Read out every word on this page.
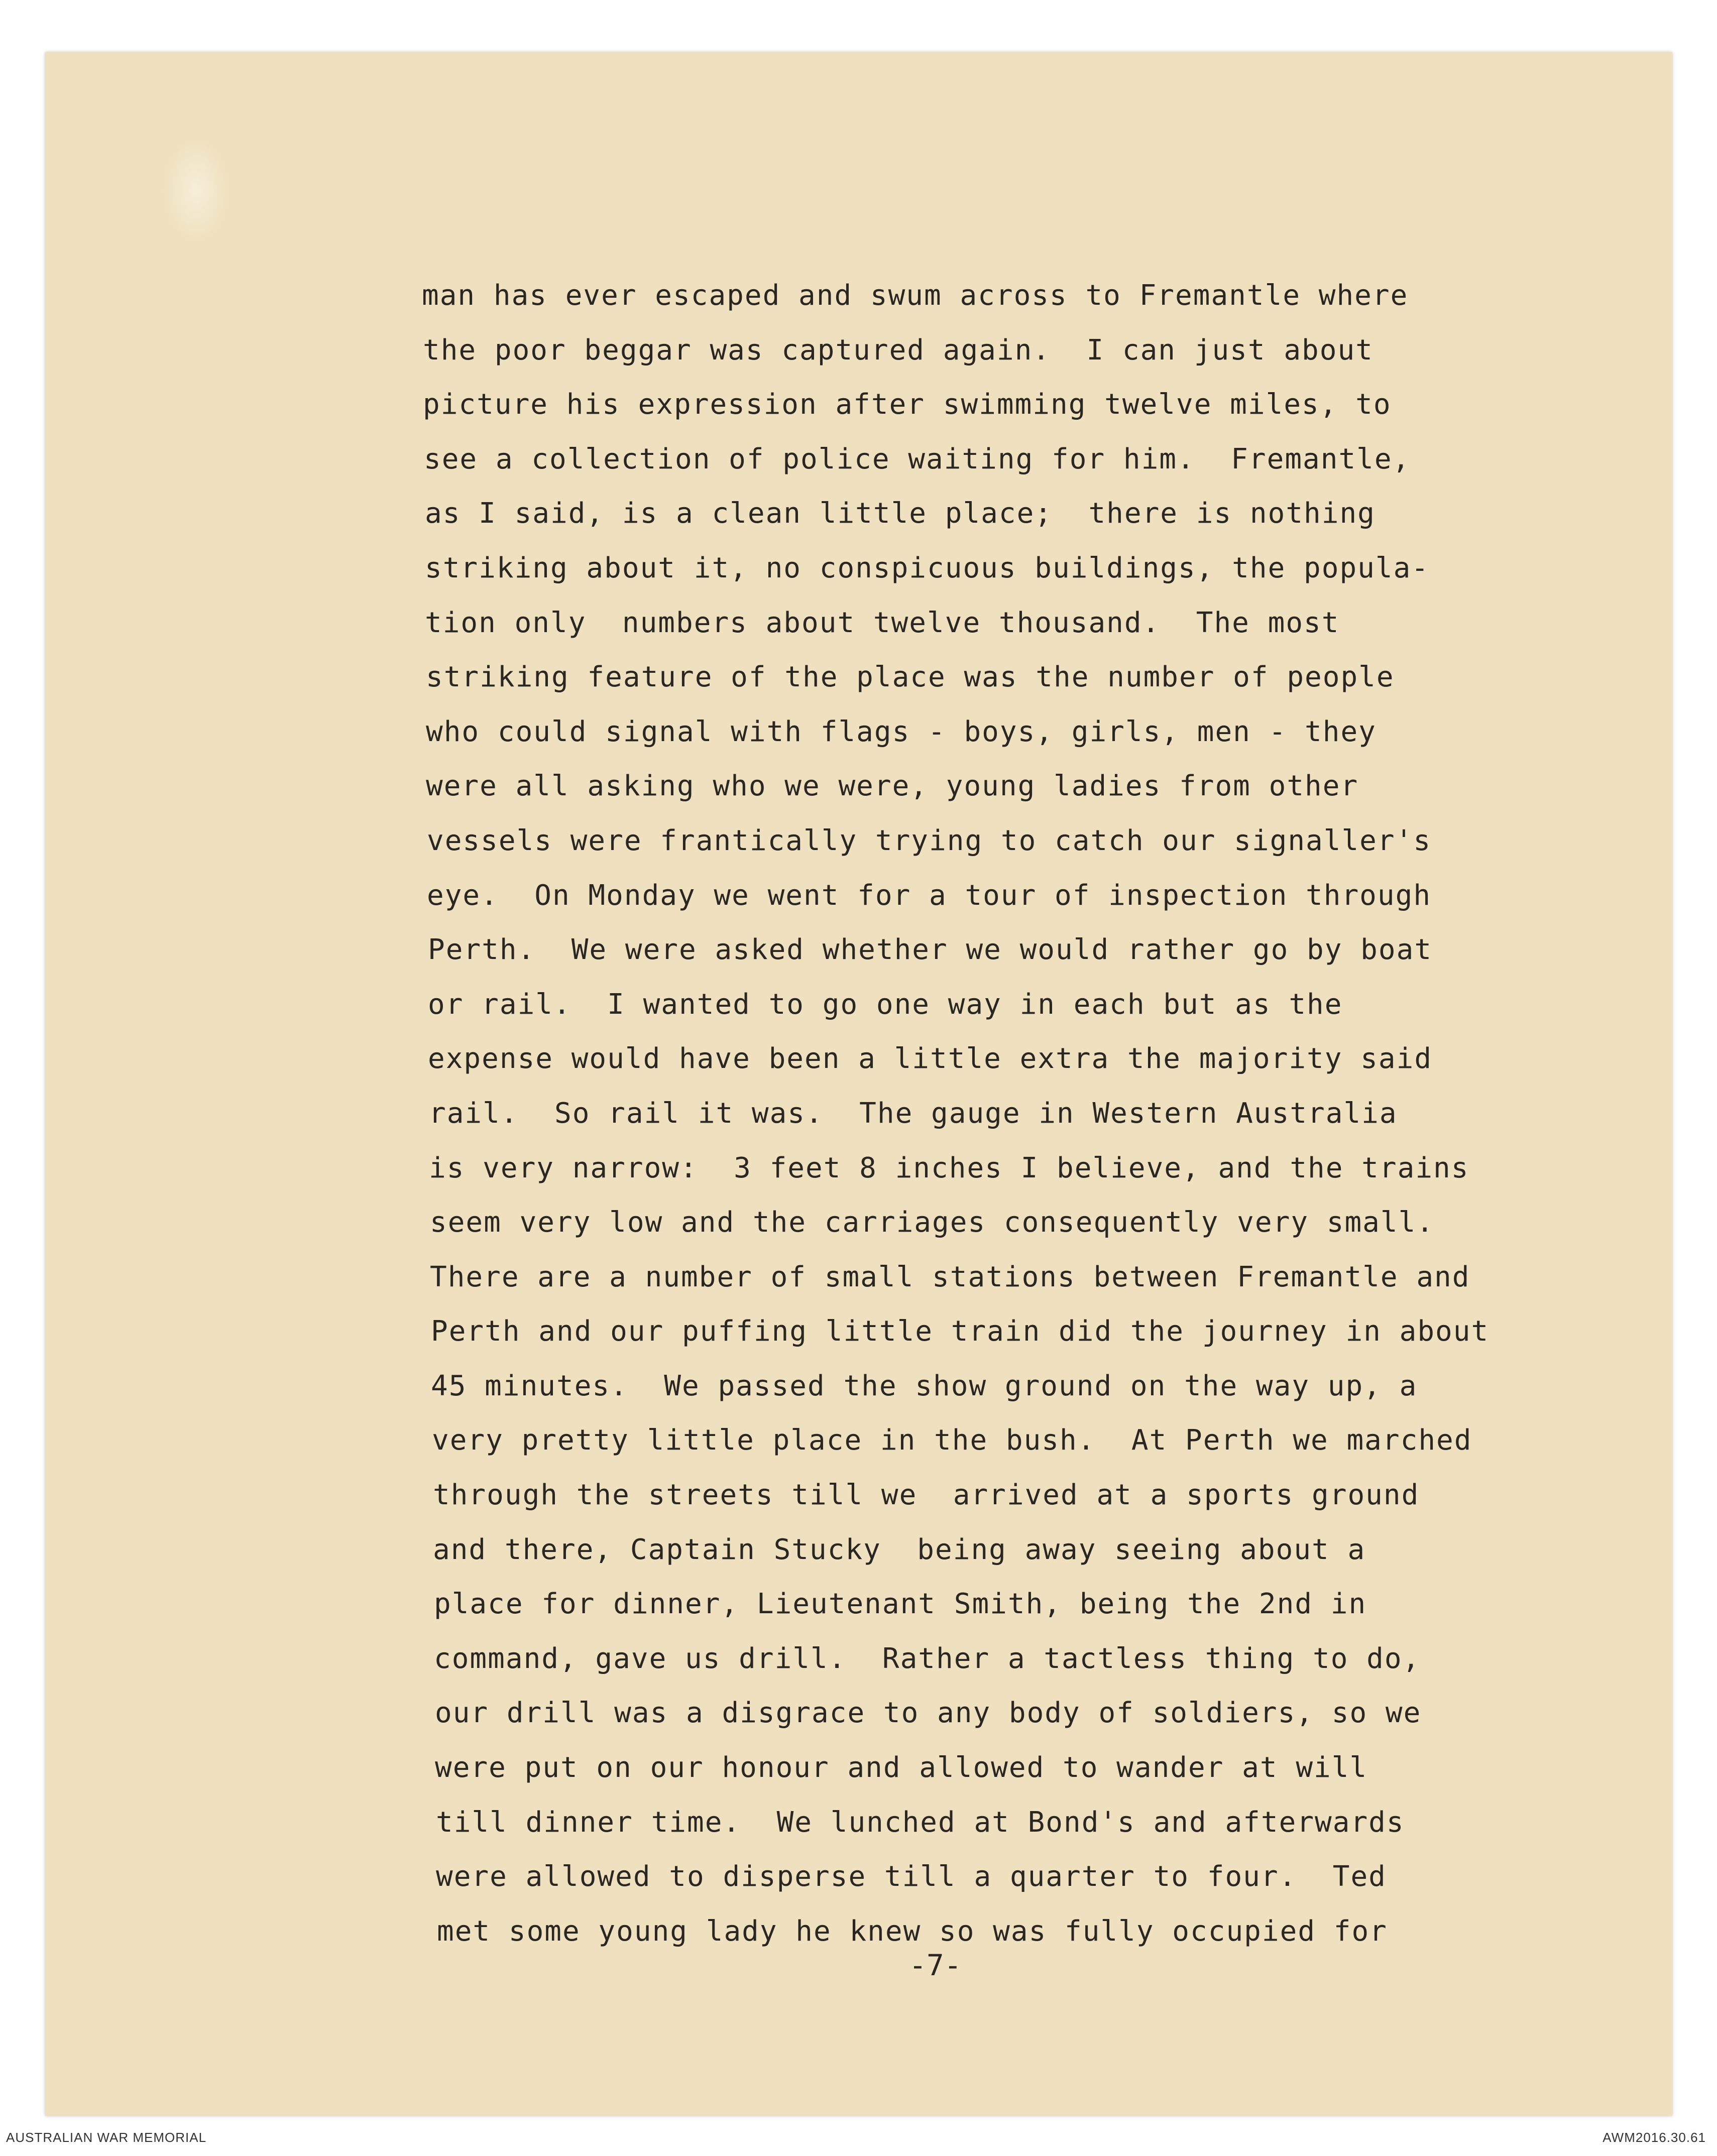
man has ever escaped and swum across to Fremantle where

the poor beggar was captured again.  I can just about

picture his expression after swimming twelve miles, to

see a collection of police waiting for him.  Fremantle,

as I said, is a clean little place;  there is nothing

striking about it, no conspicuous buildings, the popula-

tion only  numbers about twelve thousand.  The most

striking feature of the place was the number of people

who could signal with flags - boys, girls, men - they

were all asking who we were, young ladies from other

vessels were frantically trying to catch our signaller's

eye.  On Monday we went for a tour of inspection through

Perth.  We were asked whether we would rather go by boat

or rail.  I wanted to go one way in each but as the

expense would have been a little extra the majority said

rail.  So rail it was.  The gauge in Western Australia

is very narrow:  3 feet 8 inches I believe, and the trains

seem very low and the carriages consequently very small.

There are a number of small stations between Fremantle and

Perth and our puffing little train did the journey in about

45 minutes.  We passed the show ground on the way up, a

very pretty little place in the bush.  At Perth we marched

through the streets till we  arrived at a sports ground

and there, Captain Stucky  being away seeing about a

place for dinner, Lieutenant Smith, being the 2nd in

command, gave us drill.  Rather a tactless thing to do,

our drill was a disgrace to any body of soldiers, so we

were put on our honour and allowed to wander at will

till dinner time.  We lunched at Bond's and afterwards

were allowed to disperse till a quarter to four.  Ted

met some young lady he knew so was fully occupied for

-7-
AUSTRALIAN WAR MEMORIAL	AWM2016.30.61
